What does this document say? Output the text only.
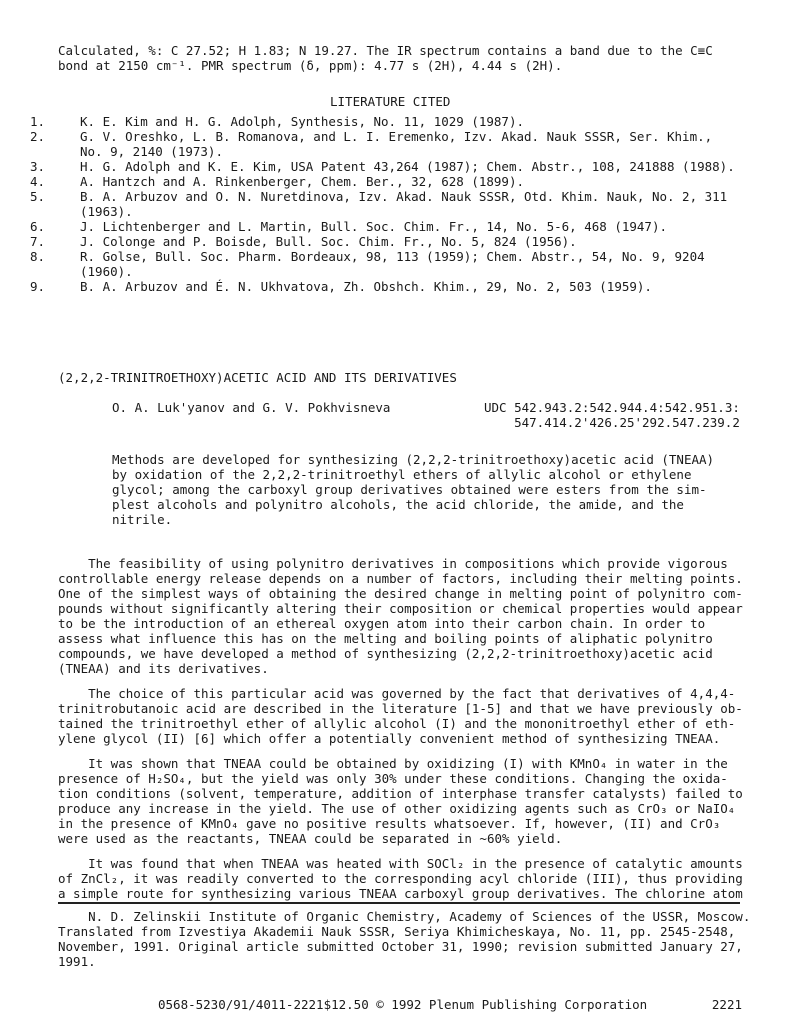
Calculated, %: C 27.52; H 1.83; N 19.27. The IR spectrum contains a band due to the C≡C
bond at 2150 cm⁻¹. PMR spectrum (δ, ppm): 4.77 s (2H), 4.44 s (2H).
LITERATURE CITED
1.	K. E. Kim and H. G. Adolph, Synthesis, No. 11, 1029 (1987).
2.	G. V. Oreshko, L. B. Romanova, and L. I. Eremenko, Izv. Akad. Nauk SSSR, Ser. Khim.,
No. 9, 2140 (1973).
3.	H. G. Adolph and K. E. Kim, USA Patent 43,264 (1987); Chem. Abstr., 108, 241888 (1988).
4.	A. Hantzch and A. Rinkenberger, Chem. Ber., 32, 628 (1899).
5.	B. A. Arbuzov and O. N. Nuretdinova, Izv. Akad. Nauk SSSR, Otd. Khim. Nauk, No. 2, 311
(1963).
6.	J. Lichtenberger and L. Martin, Bull. Soc. Chim. Fr., 14, No. 5-6, 468 (1947).
7.	J. Colonge and P. Boisde, Bull. Soc. Chim. Fr., No. 5, 824 (1956).
8.	R. Golse, Bull. Soc. Pharm. Bordeaux, 98, 113 (1959); Chem. Abstr., 54, No. 9, 9204
(1960).
9.	B. A. Arbuzov and É. N. Ukhvatova, Zh. Obshch. Khim., 29, No. 2, 503 (1959).
(2,2,2-TRINITROETHOXY)ACETIC ACID AND ITS DERIVATIVES
O. A. Luk'yanov and G. V. Pokhvisneva	UDC 542.943.2:542.944.4:542.951.3:
547.414.2'426.25'292.547.239.2
Methods are developed for synthesizing (2,2,2-trinitroethoxy)acetic acid (TNEAA)
by oxidation of the 2,2,2-trinitroethyl ethers of allylic alcohol or ethylene
glycol; among the carboxyl group derivatives obtained were esters from the sim-
plest alcohols and polynitro alcohols, the acid chloride, the amide, and the
nitrile.
The feasibility of using polynitro derivatives in compositions which provide vigorous
controllable energy release depends on a number of factors, including their melting points.
One of the simplest ways of obtaining the desired change in melting point of polynitro com-
pounds without significantly altering their composition or chemical properties would appear
to be the introduction of an ethereal oxygen atom into their carbon chain. In order to
assess what influence this has on the melting and boiling points of aliphatic polynitro
compounds, we have developed a method of synthesizing (2,2,2-trinitroethoxy)acetic acid
(TNEAA) and its derivatives.
The choice of this particular acid was governed by the fact that derivatives of 4,4,4-
trinitrobutanoic acid are described in the literature [1-5] and that we have previously ob-
tained the trinitroethyl ether of allylic alcohol (I) and the mononitroethyl ether of eth-
ylene glycol (II) [6] which offer a potentially convenient method of synthesizing TNEAA.
It was shown that TNEAA could be obtained by oxidizing (I) with KMnO₄ in water in the
presence of H₂SO₄, but the yield was only 30% under these conditions. Changing the oxida-
tion conditions (solvent, temperature, addition of interphase transfer catalysts) failed to
produce any increase in the yield. The use of other oxidizing agents such as CrO₃ or NaIO₄
in the presence of KMnO₄ gave no positive results whatsoever. If, however, (II) and CrO₃
were used as the reactants, TNEAA could be separated in ~60% yield.
It was found that when TNEAA was heated with SOCl₂ in the presence of catalytic amounts
of ZnCl₂, it was readily converted to the corresponding acyl chloride (III), thus providing
a simple route for synthesizing various TNEAA carboxyl group derivatives. The chlorine atom
N. D. Zelinskii Institute of Organic Chemistry, Academy of Sciences of the USSR, Moscow.
Translated from Izvestiya Akademii Nauk SSSR, Seriya Khimicheskaya, No. 11, pp. 2545-2548,
November, 1991. Original article submitted October 31, 1990; revision submitted January 27,
1991.
0568-5230/91/4011-2221$12.50 © 1992 Plenum Publishing Corporation	2221
